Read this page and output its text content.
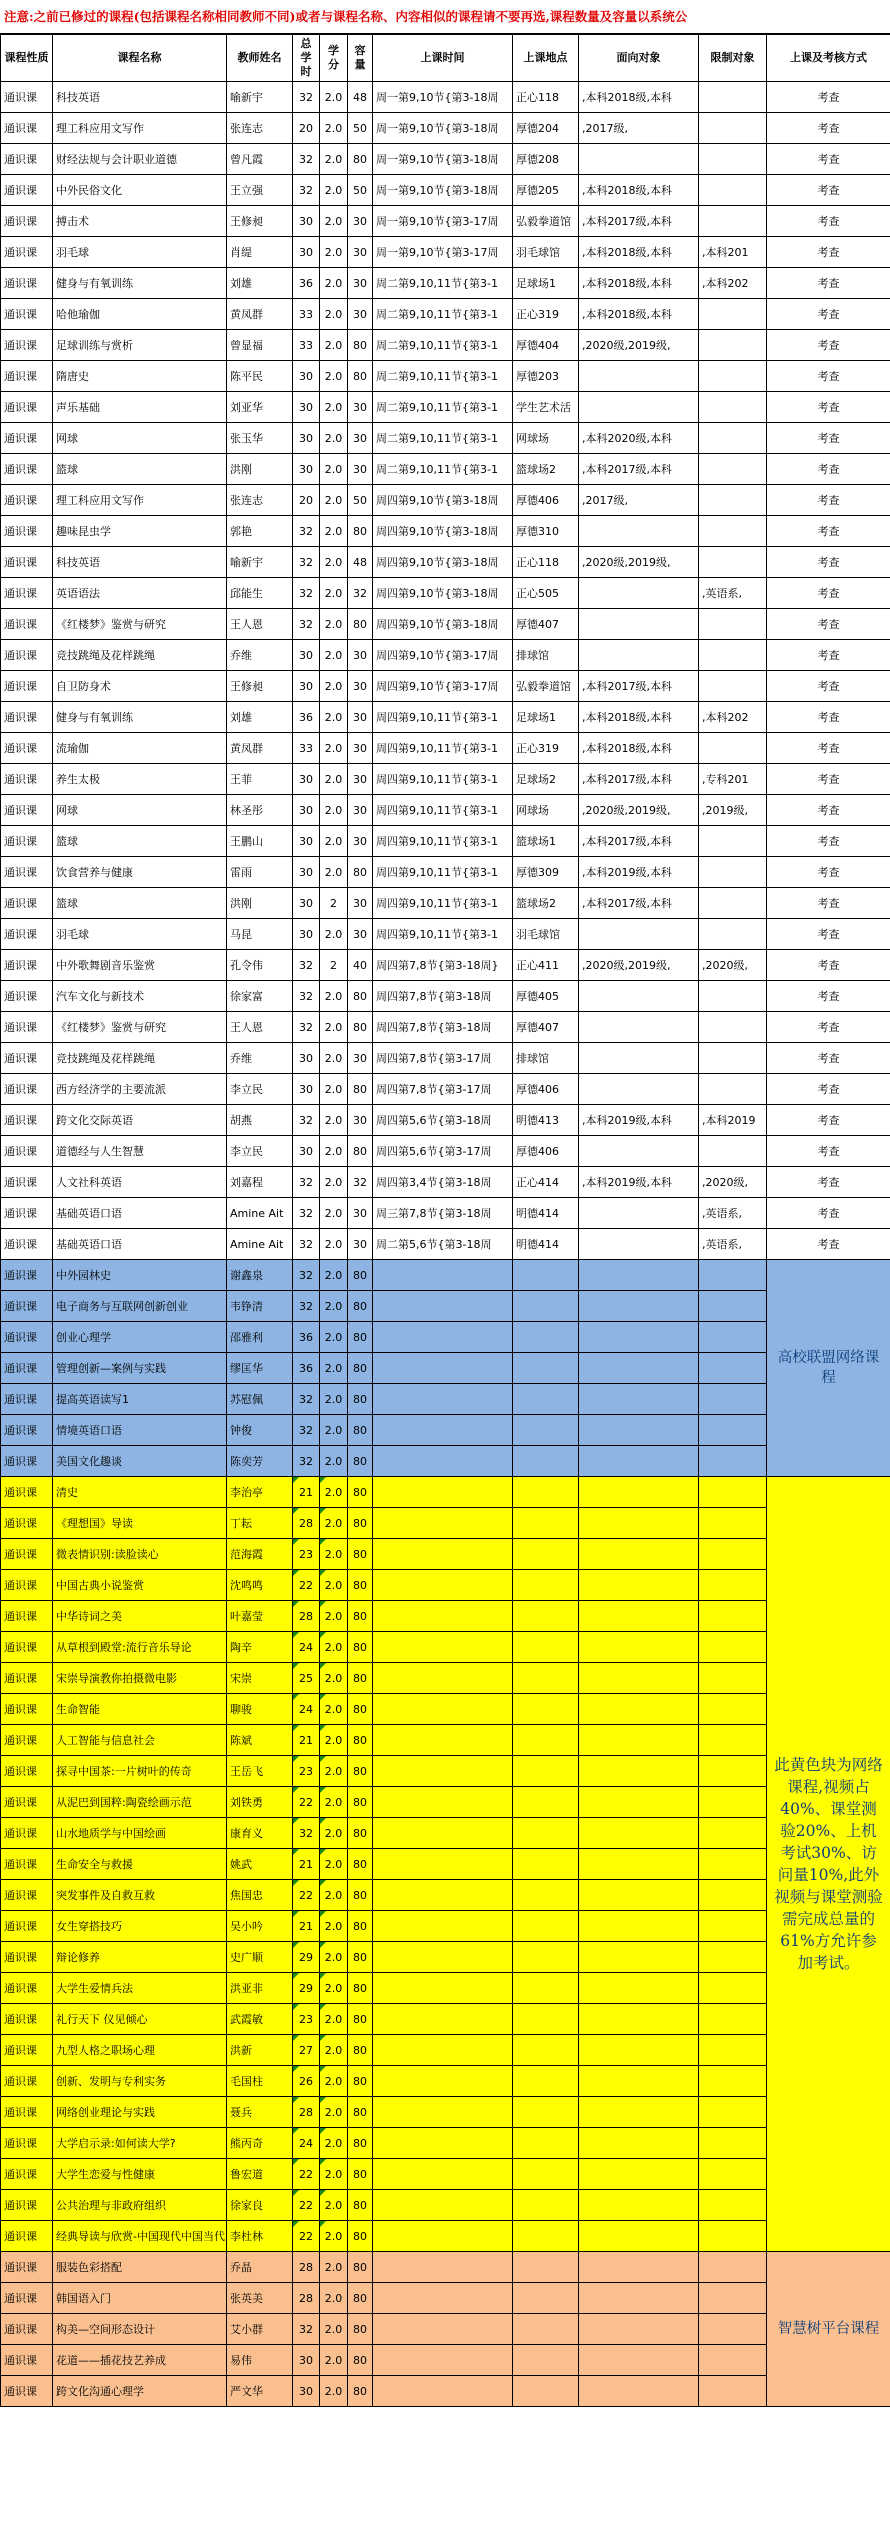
注意:之前已修过的课程(包括课程名称相同教师不同)或者与课程名称、内容相似的课程请不要再选,课程数量及容量以系统公
课程性质	课程名称	教师姓名	总学时	学分	容量	上课时间	上课地点	面向对象	限制对象	上课及考核方式
通识课	科技英语	喻新宇	32	2.0	48	周一第9,10节{第3-18周	正心118	,本科2018级,本科		考查
通识课	理工科应用文写作	张连志	20	2.0	50	周一第9,10节{第3-18周	厚德204	,2017级,		考查
通识课	财经法规与会计职业道德	曾凡霞	32	2.0	80	周一第9,10节{第3-18周	厚德208			考查
通识课	中外民俗文化	王立强	32	2.0	50	周一第9,10节{第3-18周	厚德205	,本科2018级,本科		考查
通识课	搏击术	王修昶	30	2.0	30	周一第9,10节{第3-17周	弘毅拳道馆	,本科2017级,本科		考查
通识课	羽毛球	肖缇	30	2.0	30	周一第9,10节{第3-17周	羽毛球馆	,本科2018级,本科	,本科201	考查
通识课	健身与有氧训练	刘雄	36	2.0	30	周二第9,10,11节{第3-1	足球场1	,本科2018级,本科	,本科202	考查
通识课	哈他瑜伽	黄凤群	33	2.0	30	周二第9,10,11节{第3-1	正心319	,本科2018级,本科		考查
通识课	足球训练与赏析	曾显福	33	2.0	80	周二第9,10,11节{第3-1	厚德404	,2020级,2019级,		考查
通识课	隋唐史	陈平民	30	2.0	80	周二第9,10,11节{第3-1	厚德203			考查
通识课	声乐基础	刘亚华	30	2.0	30	周二第9,10,11节{第3-1	学生艺术活			考查
通识课	网球	张玉华	30	2.0	30	周二第9,10,11节{第3-1	网球场	,本科2020级,本科		考查
通识课	篮球	洪刚	30	2.0	30	周二第9,10,11节{第3-1	篮球场2	,本科2017级,本科		考查
通识课	理工科应用文写作	张连志	20	2.0	50	周四第9,10节{第3-18周	厚德406	,2017级,		考查
通识课	趣味昆虫学	郭艳	32	2.0	80	周四第9,10节{第3-18周	厚德310			考查
通识课	科技英语	喻新宇	32	2.0	48	周四第9,10节{第3-18周	正心118	,2020级,2019级,		考查
通识课	英语语法	邱能生	32	2.0	32	周四第9,10节{第3-18周	正心505		,英语系,	考查
通识课	《红楼梦》鉴赏与研究	王人恩	32	2.0	80	周四第9,10节{第3-18周	厚德407			考查
通识课	竞技跳绳及花样跳绳	乔维	30	2.0	30	周四第9,10节{第3-17周	排球馆			考查
通识课	自卫防身术	王修昶	30	2.0	30	周四第9,10节{第3-17周	弘毅拳道馆	,本科2017级,本科		考查
通识课	健身与有氧训练	刘雄	36	2.0	30	周四第9,10,11节{第3-1	足球场1	,本科2018级,本科	,本科202	考查
通识课	流瑜伽	黄凤群	33	2.0	30	周四第9,10,11节{第3-1	正心319	,本科2018级,本科		考查
通识课	养生太极	王菲	30	2.0	30	周四第9,10,11节{第3-1	足球场2	,本科2017级,本科	,专科201	考查
通识课	网球	林圣彤	30	2.0	30	周四第9,10,11节{第3-1	网球场	,2020级,2019级,	,2019级,	考查
通识课	篮球	王鹏山	30	2.0	30	周四第9,10,11节{第3-1	篮球场1	,本科2017级,本科		考查
通识课	饮食营养与健康	雷雨	30	2.0	80	周四第9,10,11节{第3-1	厚德309	,本科2019级,本科		考查
通识课	篮球	洪刚	30	2	30	周四第9,10,11节{第3-1	篮球场2	,本科2017级,本科		考查
通识课	羽毛球	马昆	30	2.0	30	周四第9,10,11节{第3-1	羽毛球馆			考查
通识课	中外歌舞剧音乐鉴赏	孔令伟	32	2	40	周四第7,8节{第3-18周}	正心411	,2020级,2019级,	,2020级,	考查
通识课	汽车文化与新技术	徐家富	32	2.0	80	周四第7,8节{第3-18周	厚德405			考查
通识课	《红楼梦》鉴赏与研究	王人恩	32	2.0	80	周四第7,8节{第3-18周	厚德407			考查
通识课	竞技跳绳及花样跳绳	乔维	30	2.0	30	周四第7,8节{第3-17周	排球馆			考查
通识课	西方经济学的主要流派	李立民	30	2.0	80	周四第7,8节{第3-17周	厚德406			考查
通识课	跨文化交际英语	胡燕	32	2.0	30	周四第5,6节{第3-18周	明德413	,本科2019级,本科	,本科2019	考查
通识课	道德经与人生智慧	李立民	30	2.0	80	周四第5,6节{第3-17周	厚德406			考查
通识课	人文社科英语	刘嘉程	32	2.0	32	周四第3,4节{第3-18周	正心414	,本科2019级,本科	,2020级,	考查
通识课	基础英语口语	Amine Ait	32	2.0	30	周三第7,8节{第3-18周	明德414		,英语系,	考查
通识课	基础英语口语	Amine Ait	32	2.0	30	周二第5,6节{第3-18周	明德414		,英语系,	考查
通识课	中外园林史	谢鑫泉	32	2.0	80					高校联盟网络课程
通识课	电子商务与互联网创新创业	韦铮清	32	2.0	80					
通识课	创业心理学	邵雅利	36	2.0	80					
通识课	管理创新—案例与实践	缪匡华	36	2.0	80					
通识课	提高英语读写1	苏慰佩	32	2.0	80					
通识课	情境英语口语	钟俊	32	2.0	80					
通识课	美国文化趣谈	陈奕芳	32	2.0	80					
通识课	清史	李治亭	21	2.0	80					此黄色块为网络课程,视频占40%、课堂测验20%、上机考试30%、访问量10%,此外视频与课堂测验需完成总量的61%方允许参加考试。
通识课	《理想国》导读	丁耘	28	2.0	80					
通识课	微表情识别:读脸读心	范海霞	23	2.0	80					
通识课	中国古典小说鉴赏	沈鸣鸣	22	2.0	80					
通识课	中华诗词之美	叶嘉莹	28	2.0	80					
通识课	从草根到殿堂:流行音乐导论	陶辛	24	2.0	80					
通识课	宋崇导演教你拍摄微电影	宋崇	25	2.0	80					
通识课	生命智能	聊骏	24	2.0	80					
通识课	人工智能与信息社会	陈斌	21	2.0	80					
通识课	探寻中国茶:一片树叶的传奇	王岳飞	23	2.0	80					
通识课	从泥巴到国粹:陶瓷绘画示范	刘铁勇	22	2.0	80					
通识课	山水地质学与中国绘画	康育义	32	2.0	80					
通识课	生命安全与救援	姚武	21	2.0	80					
通识课	突发事件及自救互救	焦国忠	22	2.0	80					
通识课	女生穿搭技巧	吴小吟	21	2.0	80					
通识课	辩论修养	史广顺	29	2.0	80					
通识课	大学生爱情兵法	洪亚非	29	2.0	80					
通识课	礼行天下 仪见倾心	武霞敏	23	2.0	80					
通识课	九型人格之职场心理	洪新	27	2.0	80					
通识课	创新、发明与专利实务	毛国柱	26	2.0	80					
通识课	网络创业理论与实践	聂兵	28	2.0	80					
通识课	大学启示录:如何读大学?	熊丙奇	24	2.0	80					
通识课	大学生恋爱与性健康	鲁宏道	22	2.0	80					
通识课	公共治理与非政府组织	徐家良	22	2.0	80					
通识课	经典导读与欣赏-中国现代中国当代	李杜林	22	2.0	80					
通识课	服装色彩搭配	乔晶	28	2.0	80					智慧树平台课程
通识课	韩国语入门	张英美	28	2.0	80					
通识课	构美—空间形态设计	艾小群	32	2.0	80					
通识课	花道——插花技艺养成	易伟	30	2.0	80					
通识课	跨文化沟通心理学	严文华	30	2.0	80					
